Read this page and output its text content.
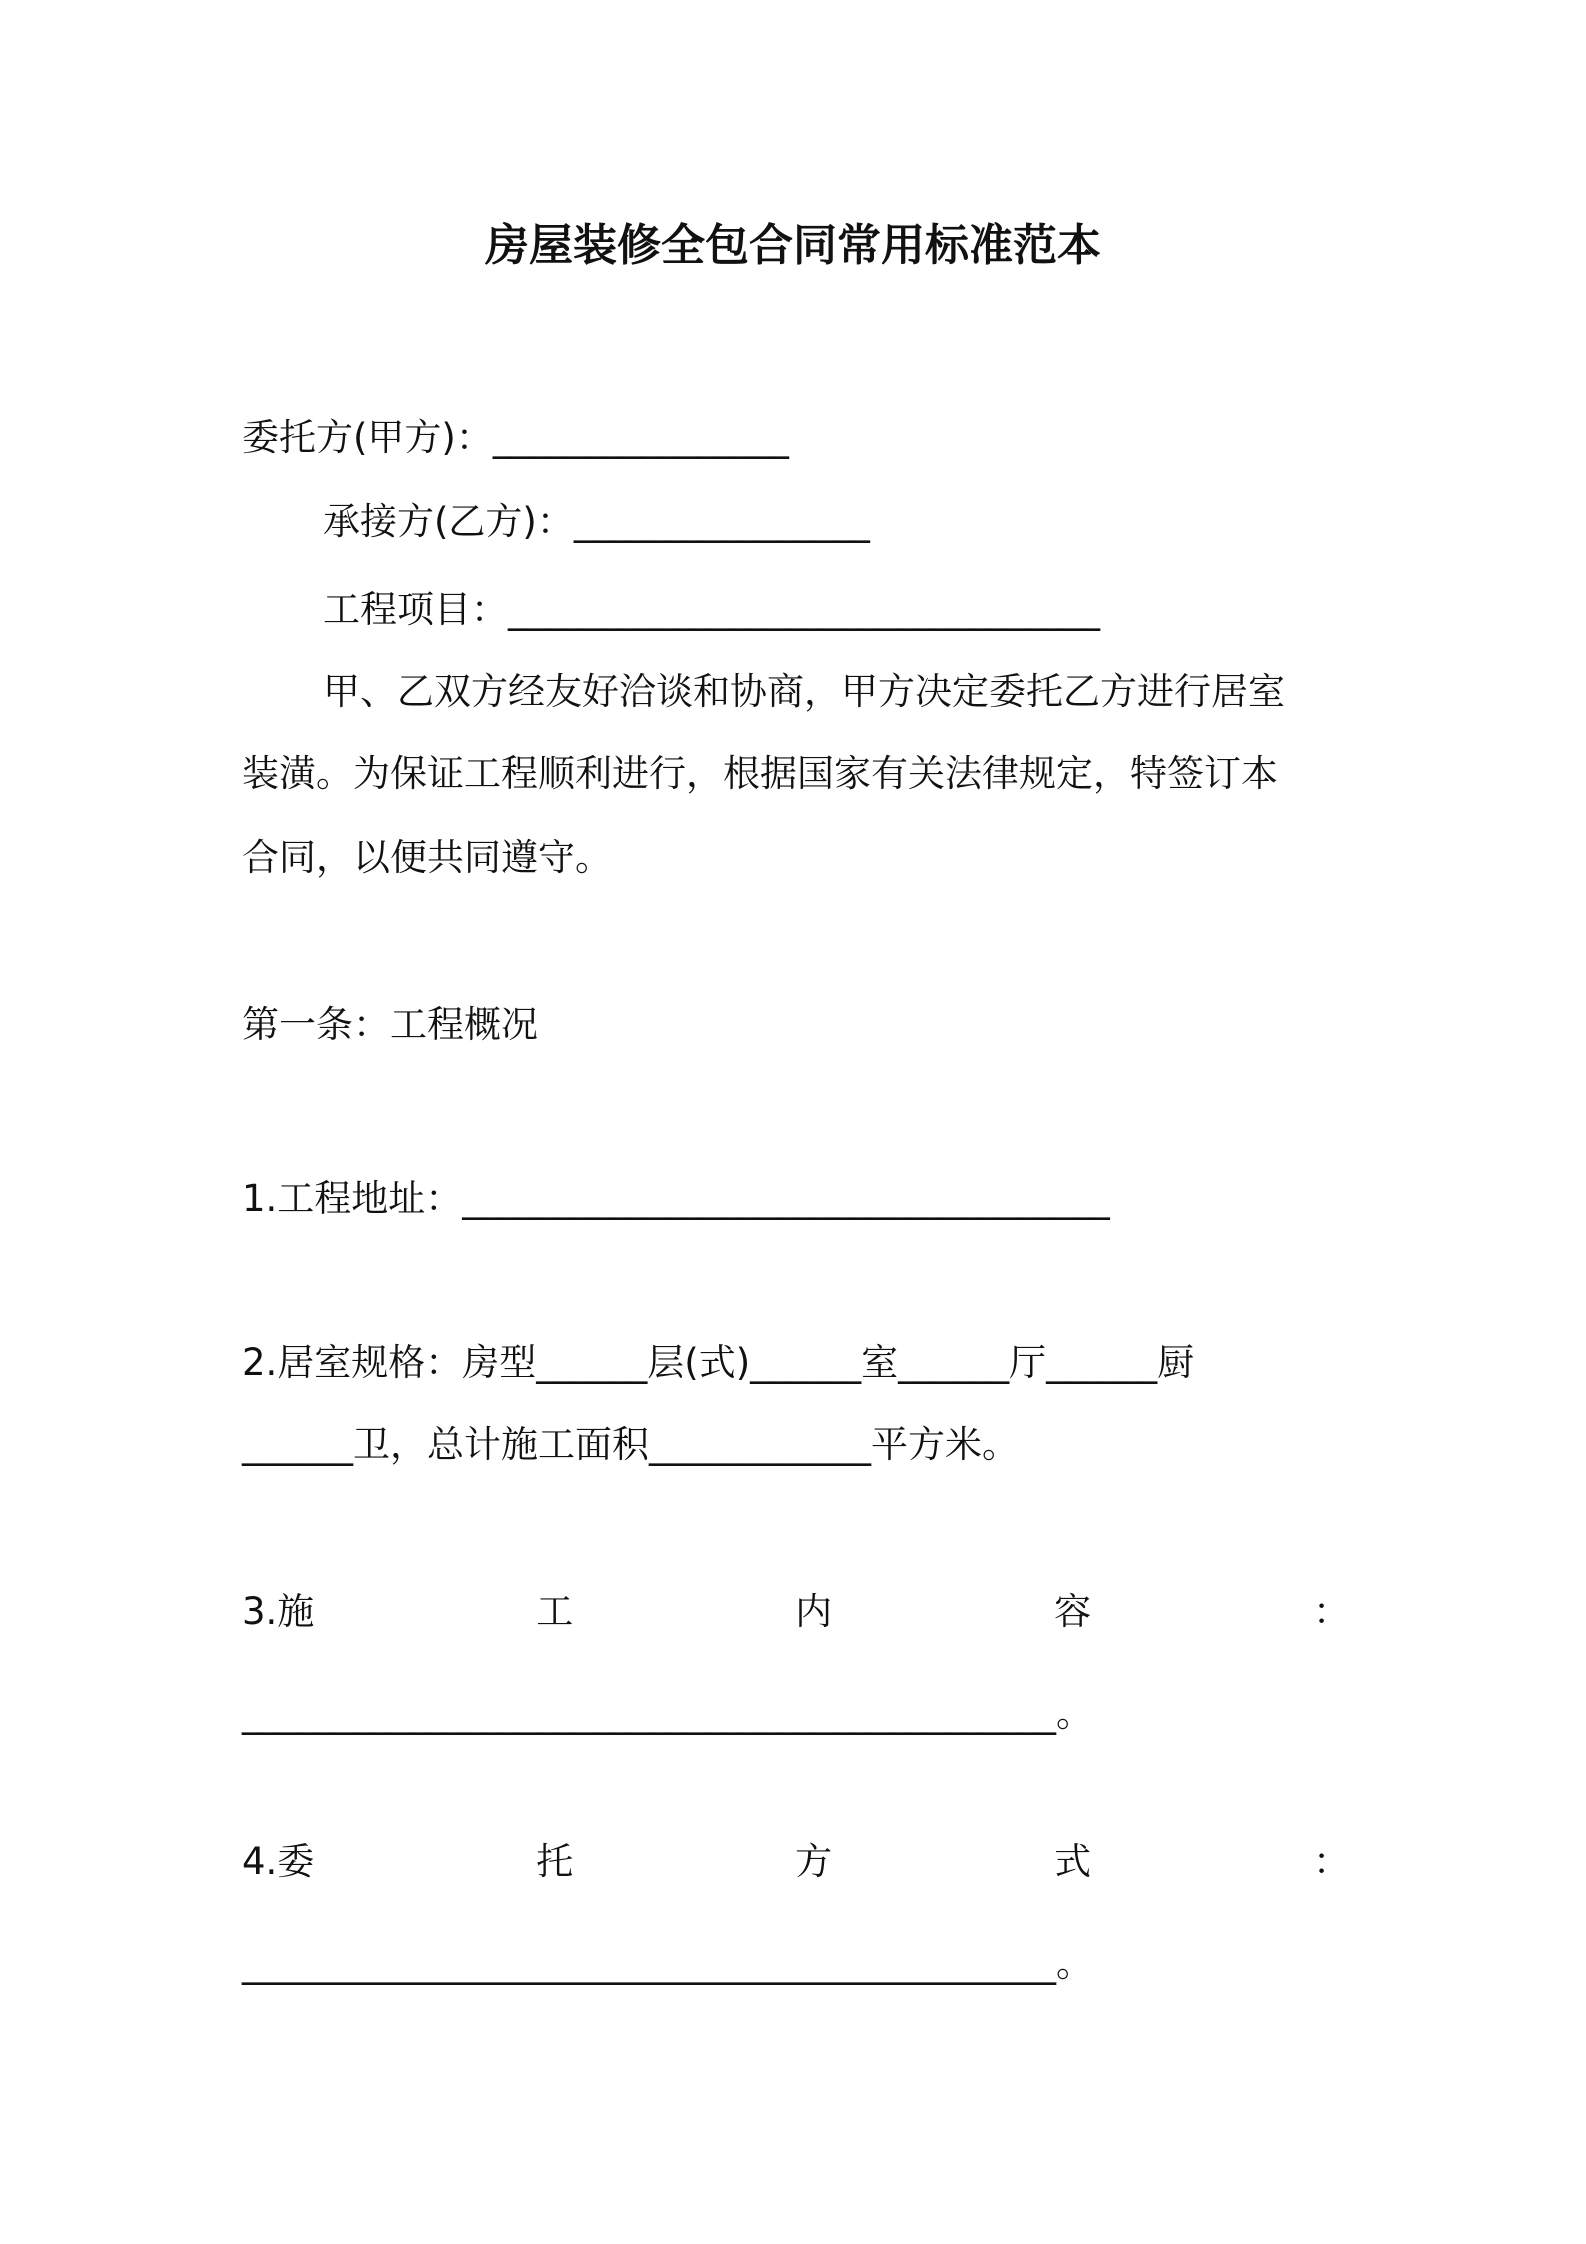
房屋装修全包合同常用标准范本
委托方(甲方)：________________
承接方(乙方)：________________
工程项目：________________________________
甲、乙双方经友好洽谈和协商，甲方决定委托乙方进行居室
装潢。为保证工程顺利进行，根据国家有关法律规定，特签订本
合同，以便共同遵守。
第一条：工程概况
1.工程地址：___________________________________
2.居室规格：房型______层(式)______室______厅______厨
______卫，总计施工面积____________平方米。
3.施	工	内	容	：
____________________________________________。
4.委	托	方	式	：
____________________________________________。
